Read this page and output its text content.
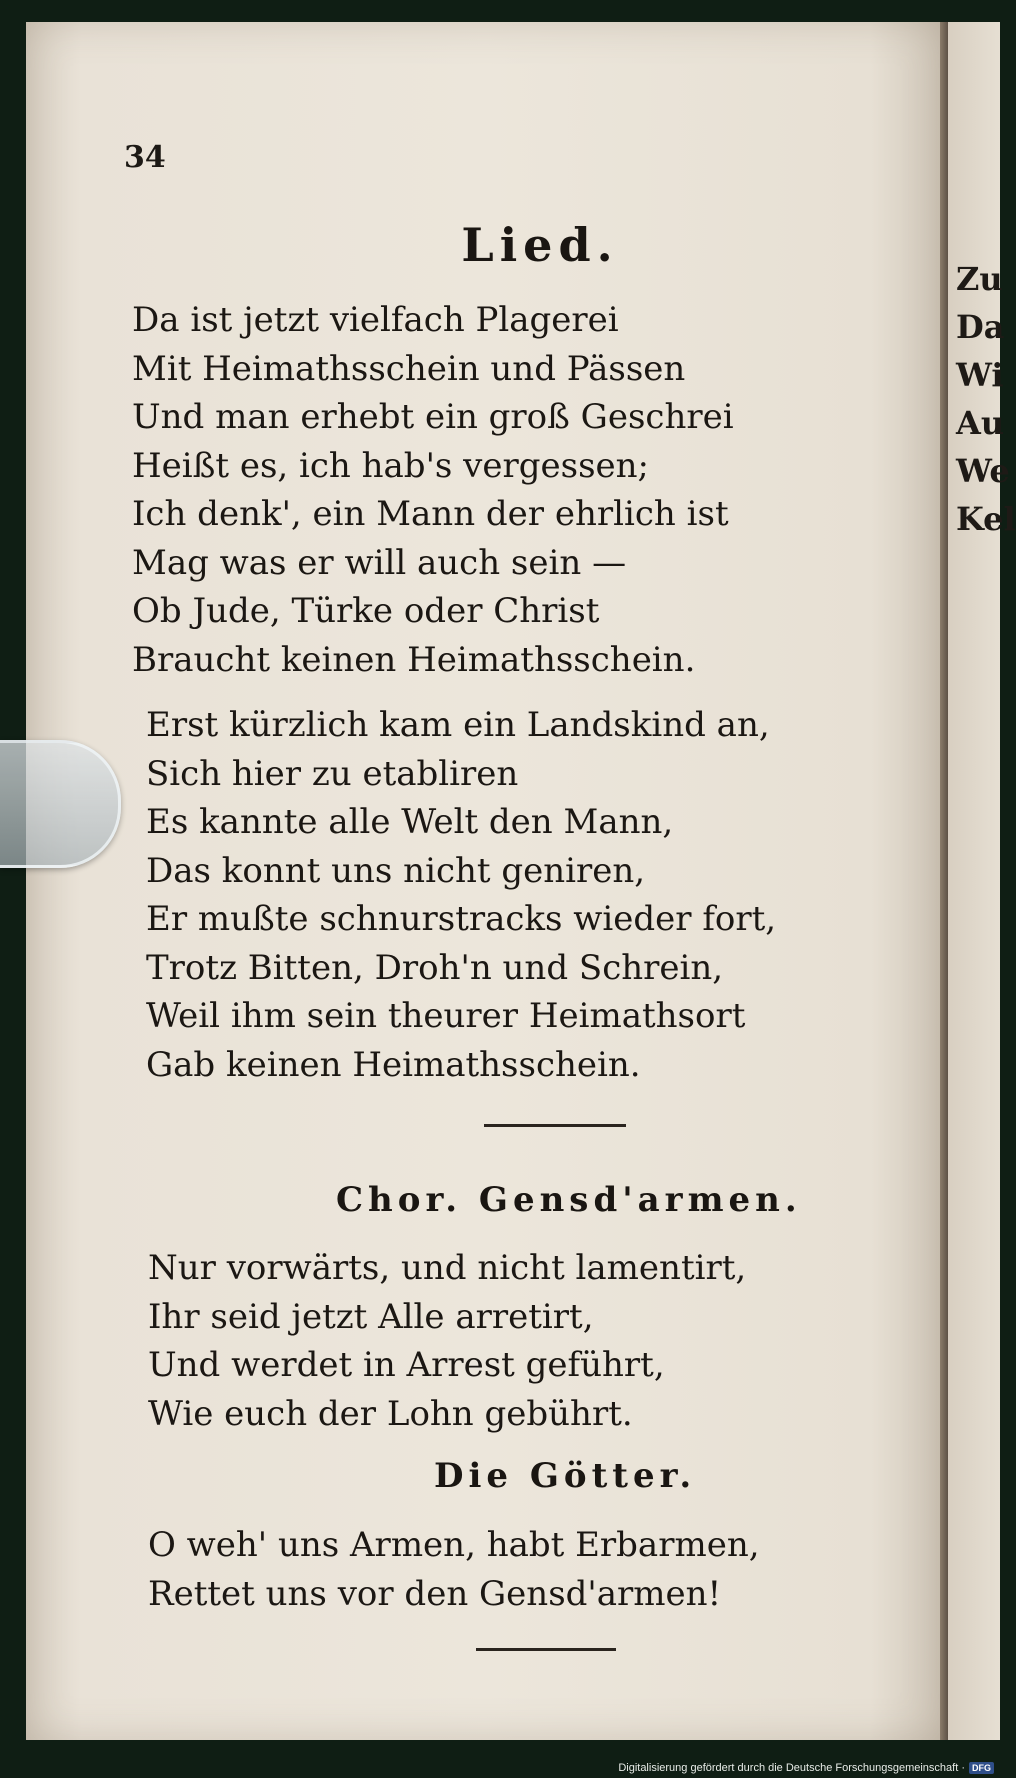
Zu
Da
Wi
Au
We
Kel
34
Lied.
Da ist jetzt vielfach Plagerei
Mit Heimathsschein und Pässen
Und man erhebt ein groß Geschrei
Heißt es, ich hab's vergessen;
Ich denk', ein Mann der ehrlich ist
Mag was er will auch sein —
Ob Jude, Türke oder Christ
Braucht keinen Heimathsschein.
Erst kürzlich kam ein Landskind an,
Sich hier zu etabliren
Es kannte alle Welt den Mann,
Das konnt uns nicht geniren,
Er mußte schnurstracks wieder fort,
Trotz Bitten, Droh'n und Schrein,
Weil ihm sein theurer Heimathsort
Gab keinen Heimathsschein.
Chor. Gensd'armen.
Nur vorwärts, und nicht lamentirt,
Ihr seid jetzt Alle arretirt,
Und werdet in Arrest geführt,
Wie euch der Lohn gebührt.
Die Götter.
O weh' uns Armen, habt Erbarmen,
Rettet uns vor den Gensd'armen!
Digitalisierung gefördert durch die Deutsche Forschungsgemeinschaft · DFG
